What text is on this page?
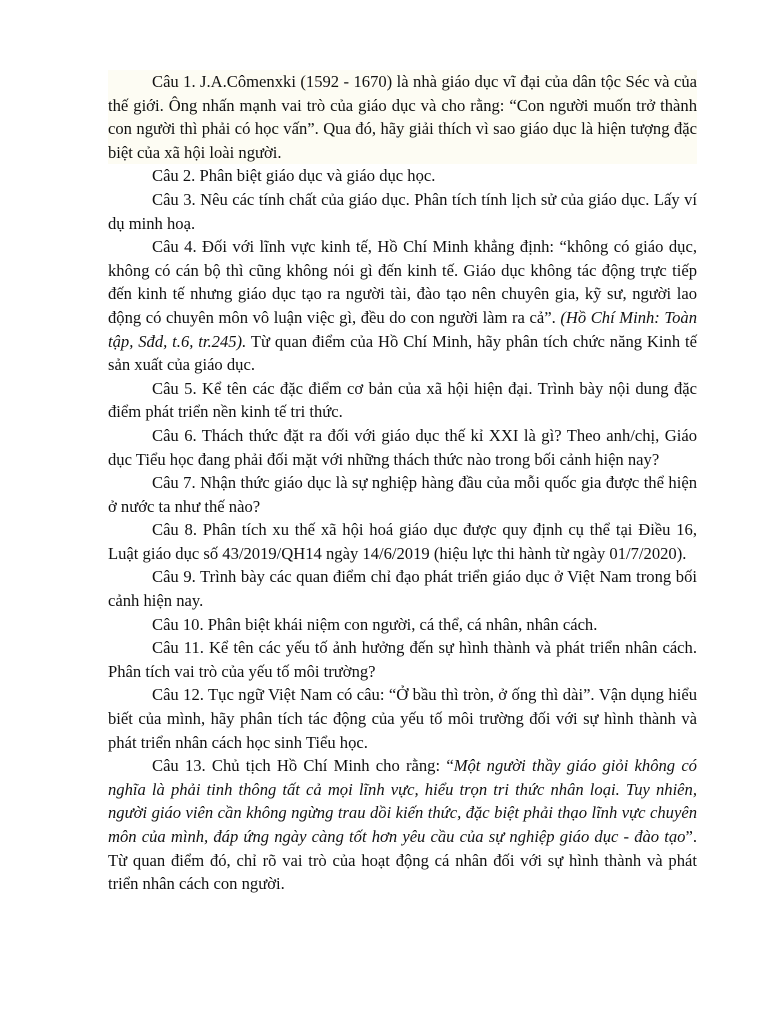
Câu 1. J.A.Cômenxki (1592 - 1670) là nhà giáo dục vĩ đại của dân tộc Séc và của thế giới. Ông nhấn mạnh vai trò của giáo dục và cho rằng: “Con người muốn trở thành con người thì phải có học vấn”. Qua đó, hãy giải thích vì sao giáo dục là hiện tượng đặc biệt của xã hội loài người.

Câu 2. Phân biệt giáo dục và giáo dục học.

Câu 3. Nêu các tính chất của giáo dục. Phân tích tính lịch sử của giáo dục. Lấy ví dụ minh hoạ.

Câu 4. Đối với lĩnh vực kinh tế, Hồ Chí Minh khẳng định: “không có giáo dục, không có cán bộ thì cũng không nói gì đến kinh tế. Giáo dục không tác động trực tiếp đến kinh tế nhưng giáo dục tạo ra người tài, đào tạo nên chuyên gia, kỹ sư, người lao động có chuyên môn vô luận việc gì, đều do con người làm ra cả”. (Hồ Chí Minh: Toàn tập, Sđd, t.6, tr.245). Từ quan điểm của Hồ Chí Minh, hãy phân tích chức năng Kinh tế sản xuất của giáo dục.

Câu 5. Kể tên các đặc điểm cơ bản của xã hội hiện đại. Trình bày nội dung đặc điểm phát triển nền kinh tế tri thức.

Câu 6. Thách thức đặt ra đối với giáo dục thế kỉ XXI là gì? Theo anh/chị, Giáo dục Tiểu học đang phải đối mặt với những thách thức nào trong bối cảnh hiện nay?

Câu 7. Nhận thức giáo dục là sự nghiệp hàng đầu của mỗi quốc gia được thể hiện ở nước ta như thế nào?

Câu 8. Phân tích xu thế xã hội hoá giáo dục được quy định cụ thể tại Điều 16, Luật giáo dục số 43/2019/QH14 ngày 14/6/2019 (hiệu lực thi hành từ ngày 01/7/2020).

Câu 9. Trình bày các quan điểm chỉ đạo phát triển giáo dục ở Việt Nam trong bối cảnh hiện nay.

Câu 10. Phân biệt khái niệm con người, cá thể, cá nhân, nhân cách.

Câu 11. Kể tên các yếu tố ảnh hưởng đến sự hình thành và phát triển nhân cách. Phân tích vai trò của yếu tố môi trường?

Câu 12. Tục ngữ Việt Nam có câu: “Ở bầu thì tròn, ở ống thì dài”. Vận dụng hiểu biết của mình, hãy phân tích tác động của yếu tố môi trường đối với sự hình thành và phát triển nhân cách học sinh Tiểu học.

Câu 13. Chủ tịch Hồ Chí Minh cho rằng: “Một người thầy giáo giỏi không có nghĩa là phải tinh thông tất cả mọi lĩnh vực, hiểu trọn tri thức nhân loại. Tuy nhiên, người giáo viên cần không ngừng trau dồi kiến thức, đặc biệt phải thạo lĩnh vực chuyên môn của mình, đáp ứng ngày càng tốt hơn yêu cầu của sự nghiệp giáo dục - đào tạo”. Từ quan điểm đó, chỉ rõ vai trò của hoạt động cá nhân đối với sự hình thành và phát triển nhân cách con người.
